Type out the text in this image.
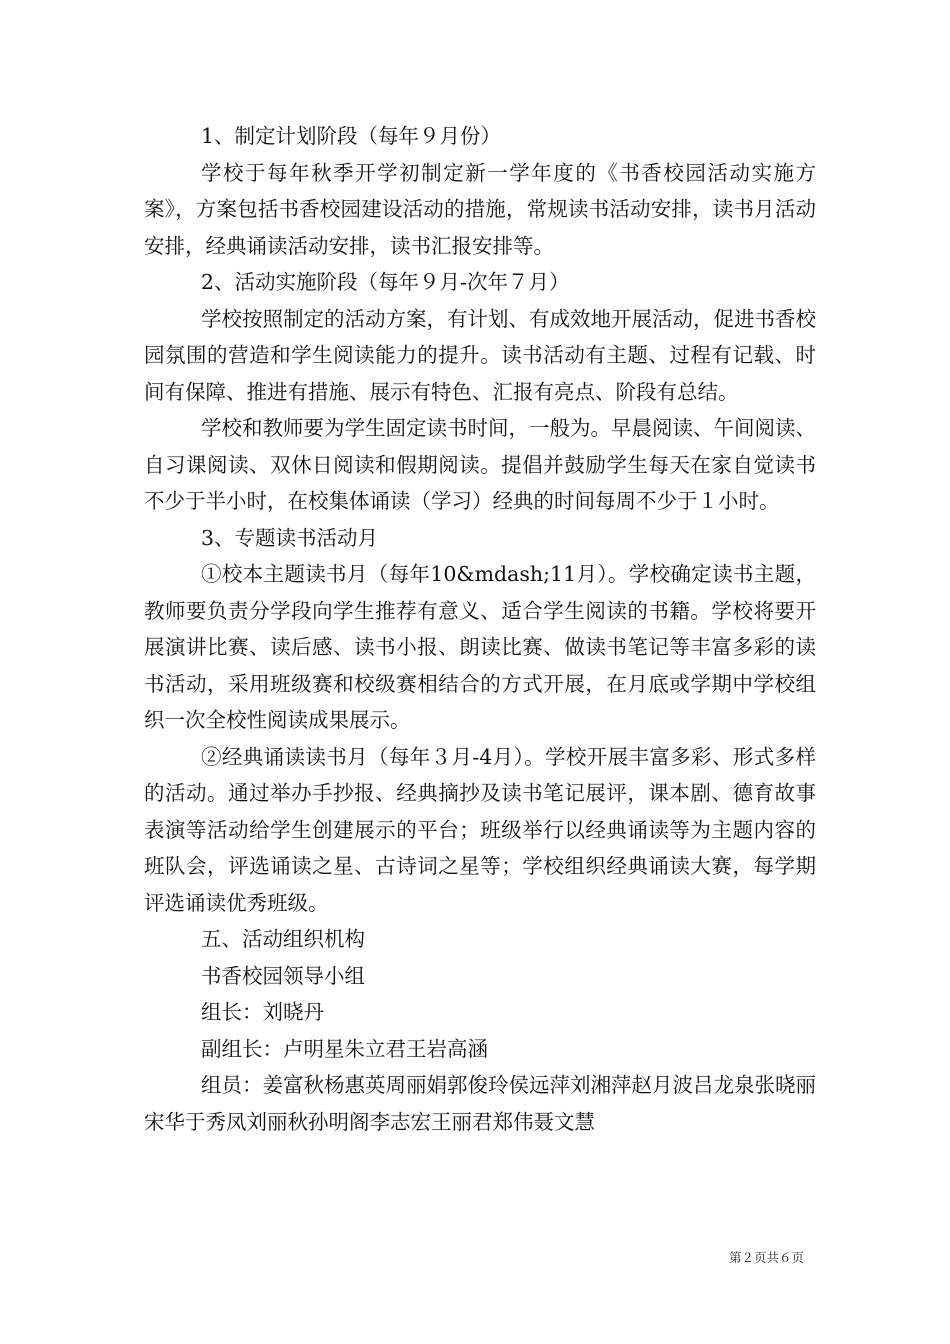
1、制定计划阶段（每年９月份）

学校于每年秋季开学初制定新一学年度的《书香校园活动实施方案》，方案包括书香校园建设活动的措施，常规读书活动安排，读书月活动安排，经典诵读活动安排，读书汇报安排等。

2、活动实施阶段（每年９月-次年７月）

学校按照制定的活动方案，有计划、有成效地开展活动，促进书香校园氛围的营造和学生阅读能力的提升。读书活动有主题、过程有记载、时间有保障、推进有措施、展示有特色、汇报有亮点、阶段有总结。

学校和教师要为学生固定读书时间，一般为。早晨阅读、午间阅读、自习课阅读、双休日阅读和假期阅读。提倡并鼓励学生每天在家自觉读书不少于半小时，在校集体诵读（学习）经典的时间每周不少于１小时。

3、专题读书活动月

①校本主题读书月（每年10&mdash;11月）。学校确定读书主题，教师要负责分学段向学生推荐有意义、适合学生阅读的书籍。学校将要开展演讲比赛、读后感、读书小报、朗读比赛、做读书笔记等丰富多彩的读书活动，采用班级赛和校级赛相结合的方式开展，在月底或学期中学校组织一次全校性阅读成果展示。

②经典诵读读书月（每年３月-4月）。学校开展丰富多彩、形式多样的活动。通过举办手抄报、经典摘抄及读书笔记展评，课本剧、德育故事表演等活动给学生创建展示的平台；班级举行以经典诵读等为主题内容的班队会，评选诵读之星、古诗词之星等；学校组织经典诵读大赛，每学期评选诵读优秀班级。

五、活动组织机构

书香校园领导小组

组长：刘晓丹

副组长：卢明星朱立君王岩高涵

组员：姜富秋杨惠英周丽娟郭俊玲侯远萍刘湘萍赵月波吕龙泉张晓丽宋华于秀凤刘丽秋孙明阁李志宏王丽君郑伟聂文慧

第２页共６页
